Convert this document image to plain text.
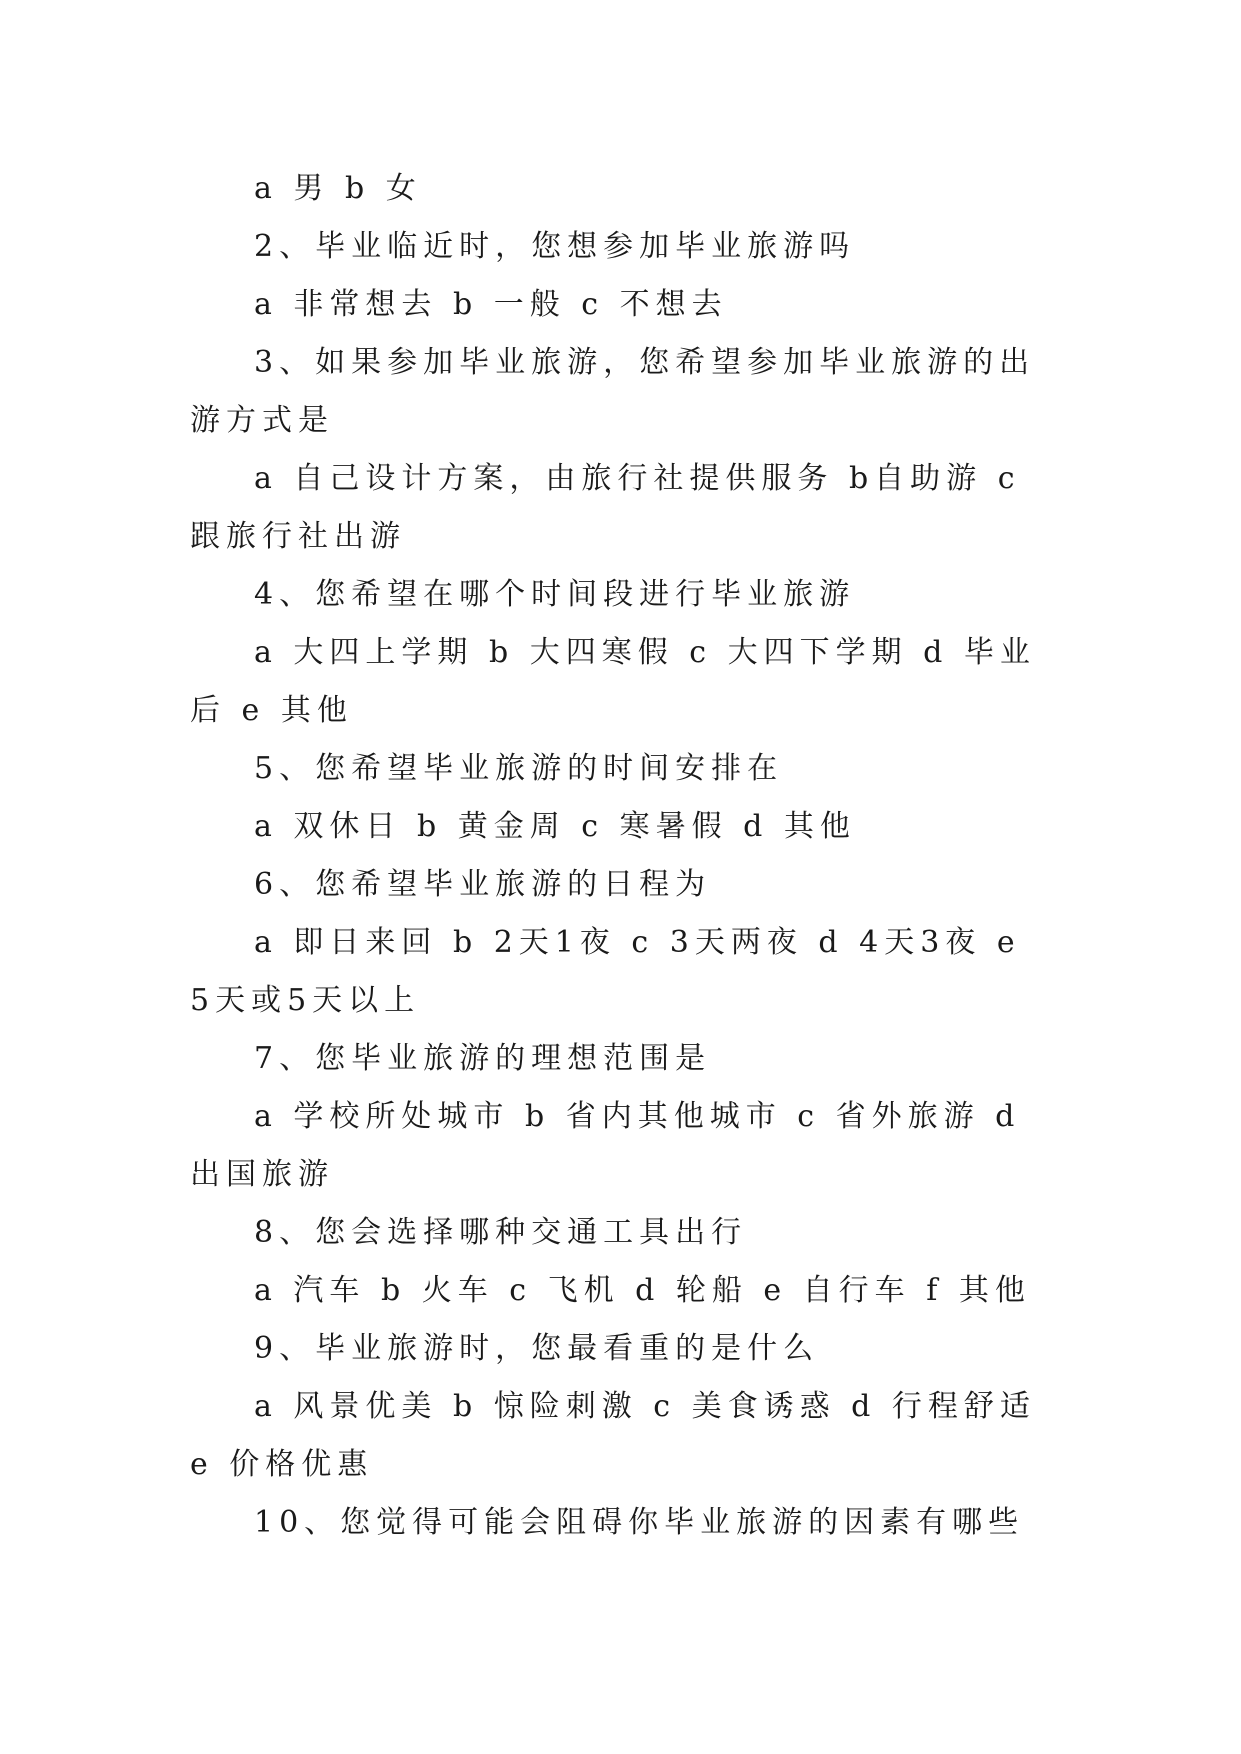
a 男 b 女

2、毕业临近时，您想参加毕业旅游吗

a 非常想去 b 一般 c 不想去

3、如果参加毕业旅游，您希望参加毕业旅游的出游方式是

a 自己设计方案，由旅行社提供服务 b自助游 c 跟旅行社出游

4、您希望在哪个时间段进行毕业旅游

a 大四上学期 b 大四寒假 c 大四下学期 d 毕业后 e 其他

5、您希望毕业旅游的时间安排在

a 双休日 b 黄金周 c 寒暑假 d 其他

6、您希望毕业旅游的日程为

a 即日来回 b 2天1夜 c 3天两夜 d 4天3夜 e 5天或5天以上

7、您毕业旅游的理想范围是

a 学校所处城市 b 省内其他城市 c 省外旅游 d 出国旅游

8、您会选择哪种交通工具出行

a 汽车 b 火车 c 飞机 d 轮船 e 自行车 f 其他

9、毕业旅游时，您最看重的是什么

a 风景优美 b 惊险刺激 c 美食诱惑 d 行程舒适 e 价格优惠

10、您觉得可能会阻碍你毕业旅游的因素有哪些
